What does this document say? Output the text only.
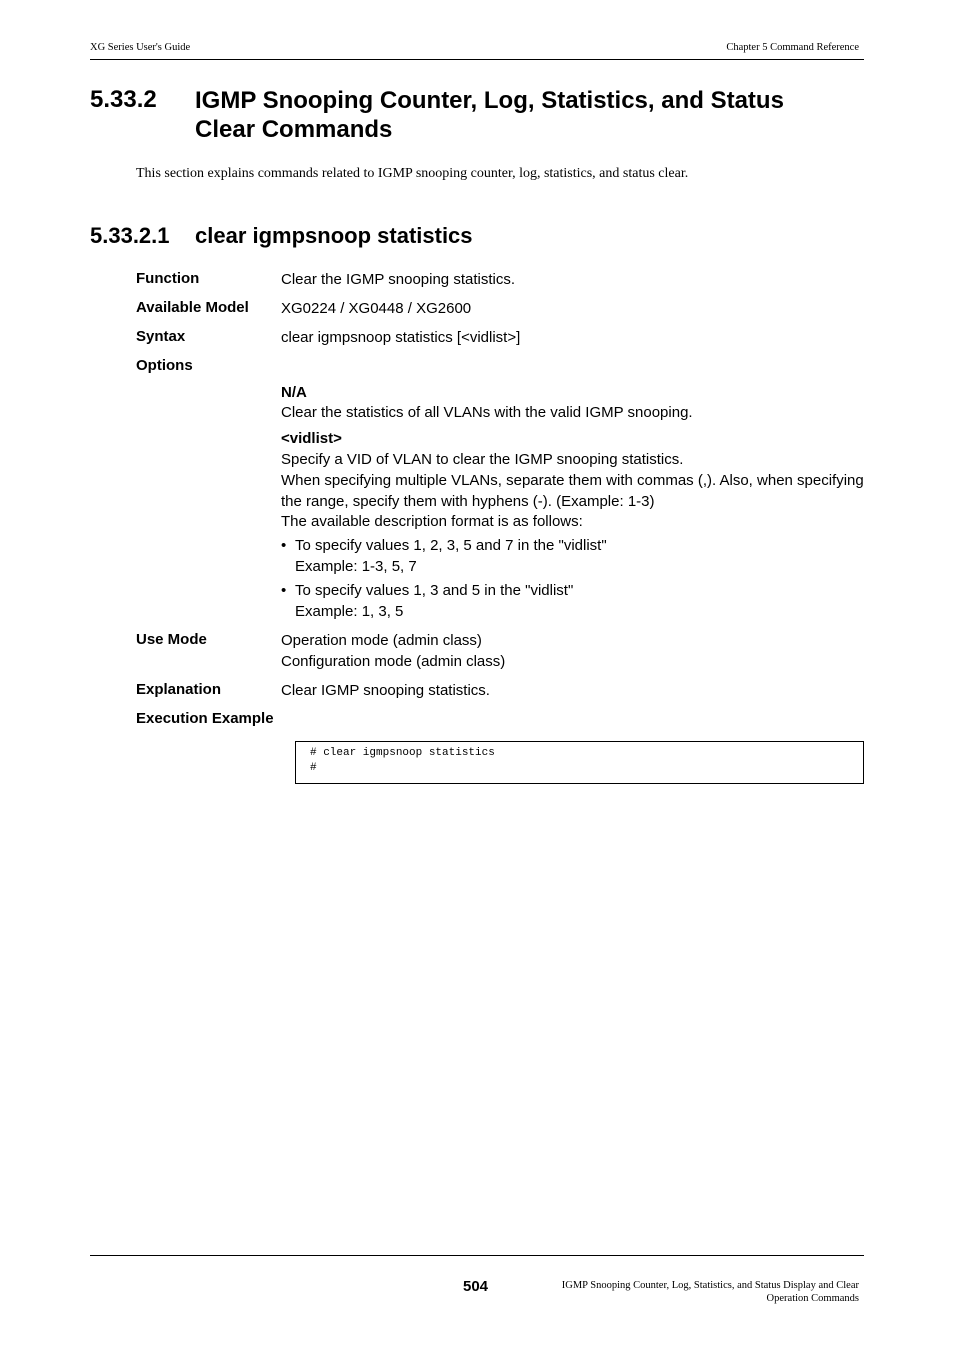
XG Series User's Guide	Chapter 5 Command Reference
5.33.2 IGMP Snooping Counter, Log, Statistics, and Status Clear Commands
This section explains commands related to IGMP snooping counter, log, statistics, and status clear.
5.33.2.1 clear igmpsnoop statistics
Function	Clear the IGMP snooping statistics.
Available Model XG0224 / XG0448 / XG2600
Syntax	clear igmpsnoop statistics [<vidlist>]
Options
N/A
Clear the statistics of all VLANs with the valid IGMP snooping.
<vidlist>
Specify a VID of VLAN to clear the IGMP snooping statistics.
When specifying multiple VLANs, separate them with commas (,). Also, when specifying the range, specify them with hyphens (-). (Example: 1-3)
The available description format is as follows:
• To specify values 1, 2, 3, 5 and 7 in the "vidlist"
Example: 1-3, 5, 7
• To specify values 1, 3 and 5 in the "vidlist"
Example: 1, 3, 5
Use Mode	Operation mode (admin class)
Configuration mode (admin class)
Explanation	Clear IGMP snooping statistics.
Execution Example
# clear igmpsnoop statistics
#
504	IGMP Snooping Counter, Log, Statistics, and Status Display and Clear
Operation Commands
